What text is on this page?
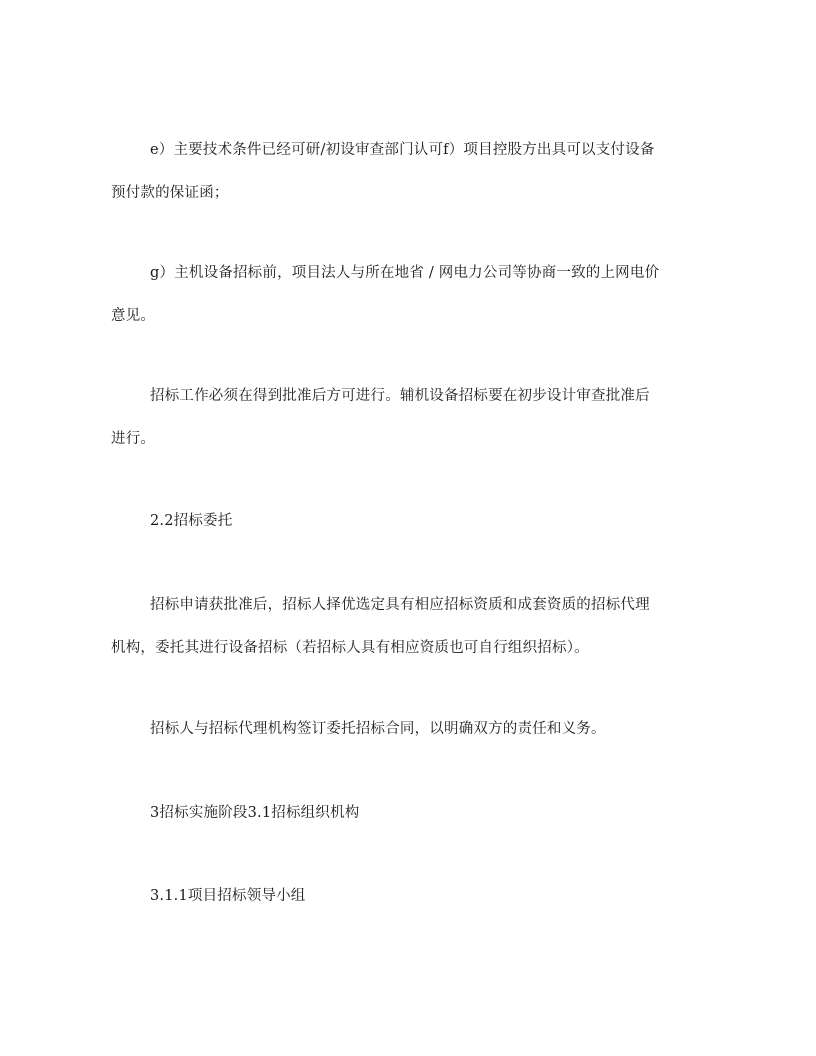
e）主要技术条件已经可研/初设审查部门认可f）项目控股方出具可以支付设备
预付款的保证函；
g）主机设备招标前，项目法人与所在地省 / 网电力公司等协商一致的上网电价
意见。
招标工作必须在得到批准后方可进行。辅机设备招标要在初步设计审查批准后
进行。
2.2招标委托
招标申请获批准后，招标人择优选定具有相应招标资质和成套资质的招标代理
机构，委托其进行设备招标（若招标人具有相应资质也可自行组织招标）。
招标人与招标代理机构签订委托招标合同，以明确双方的责任和义务。
3招标实施阶段3.1招标组织机构
3.1.1项目招标领导小组
